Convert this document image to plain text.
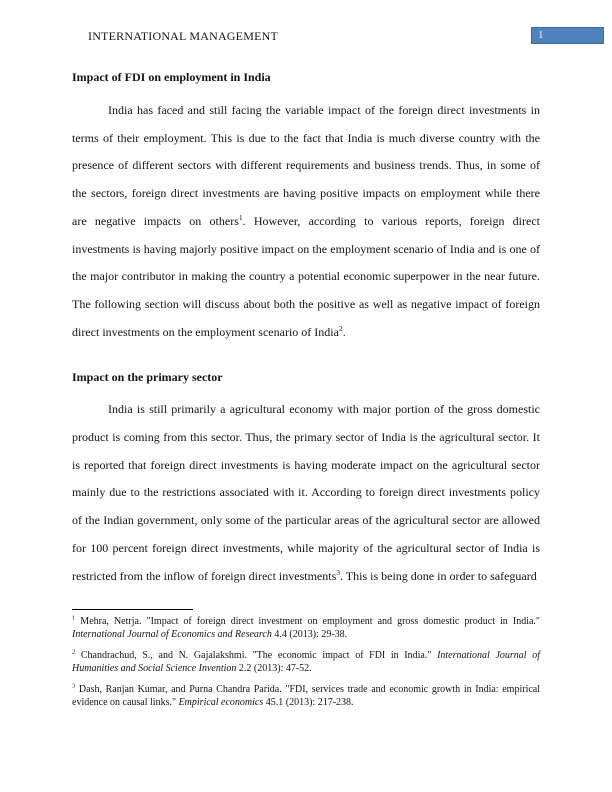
INTERNATIONAL MANAGEMENT	1
Impact of FDI on employment in India

India has faced and still facing the variable impact of the foreign direct investments in terms of their employment. This is due to the fact that India is much diverse country with the presence of different sectors with different requirements and business trends. Thus, in some of the sectors, foreign direct investments are having positive impacts on employment while there are negative impacts on others$^1$. However, according to various reports, foreign direct investments is having majorly positive impact on the employment scenario of India and is one of the major contributor in making the country a potential economic superpower in the near future. The following section will discuss about both the positive as well as negative impact of foreign direct investments on the employment scenario of India$^2$.

Impact on the primary sector

India is still primarily a agricultural economy with major portion of the gross domestic product is coming from this sector. Thus, the primary sector of India is the agricultural sector. It is reported that foreign direct investments is having moderate impact on the agricultural sector mainly due to the restrictions associated with it. According to foreign direct investments policy of the Indian government, only some of the particular areas of the agricultural sector are allowed for 100 percent foreign direct investments, while majority of the agricultural sector of India is restricted from the inflow of foreign direct investments$^3$. This is being done in order to safeguard

$^1$ Mehra, Netrja. "Impact of foreign direct investment on employment and gross domestic product in India." International Journal of Economics and Research 4.4 (2013): 29-38.

$^2$ Chandrachud, S., and N. Gajalakshmi. "The economic impact of FDI in India." International Journal of Humanities and Social Science Invention 2.2 (2013): 47-52.

$^3$ Dash, Ranjan Kumar, and Purna Chandra Parida. "FDI, services trade and economic growth in India: empirical evidence on causal links." Empirical economics 45.1 (2013): 217-238.
